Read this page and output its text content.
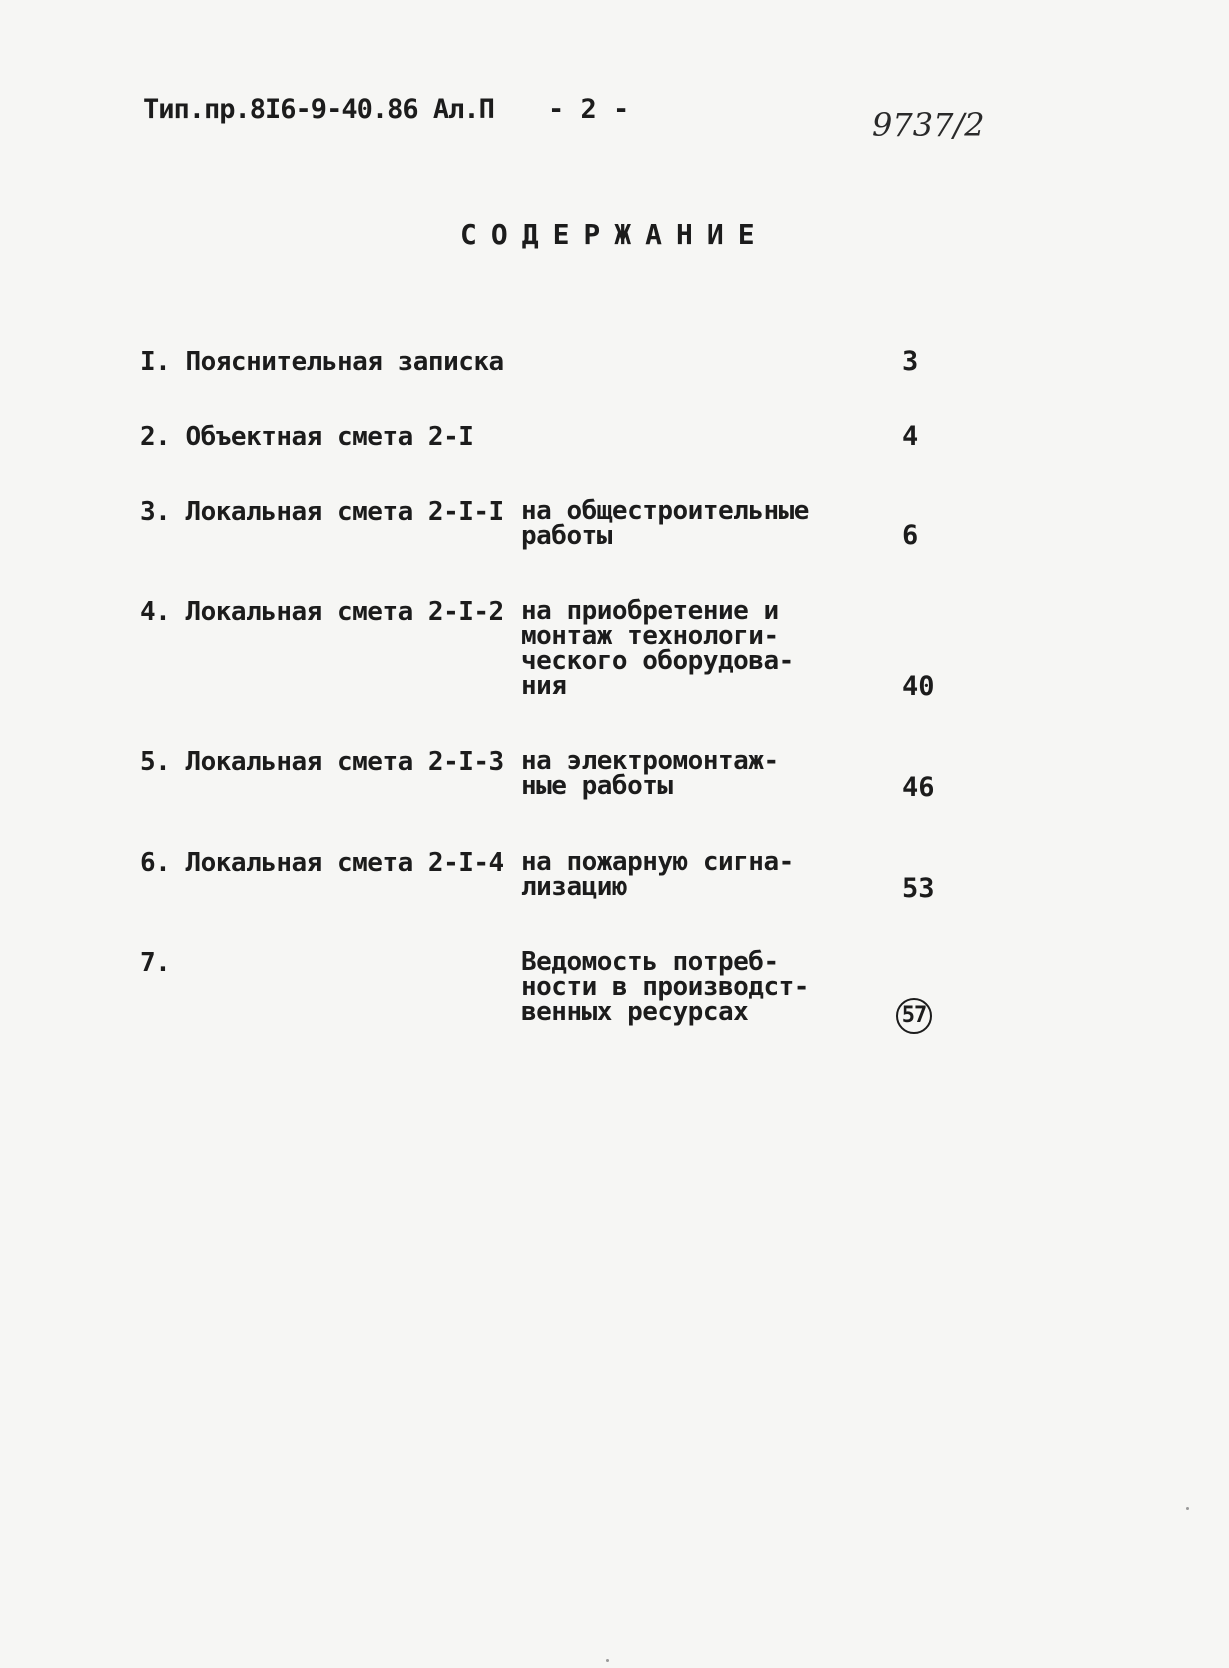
Тип.пр.8I6-9-40.86 Ал.П - 2 -	9737/2
СОДЕРЖАНИЕ
I. Пояснительная записка	3
2. Объектная смета 2-I	4
3. Локальная смета 2-I-I на общестроительные
работы	6
4. Локальная смета 2-I-2 на приобретение и
монтаж технологи-
ческого оборудова-
ния	40
5. Локальная смета 2-I-3 на электромонтаж-
ные работы	46
6. Локальная смета 2-I-4 на пожарную сигна-
лизацию	53
7.	Ведомость потреб-
ности в производст-
венных ресурсах	57
